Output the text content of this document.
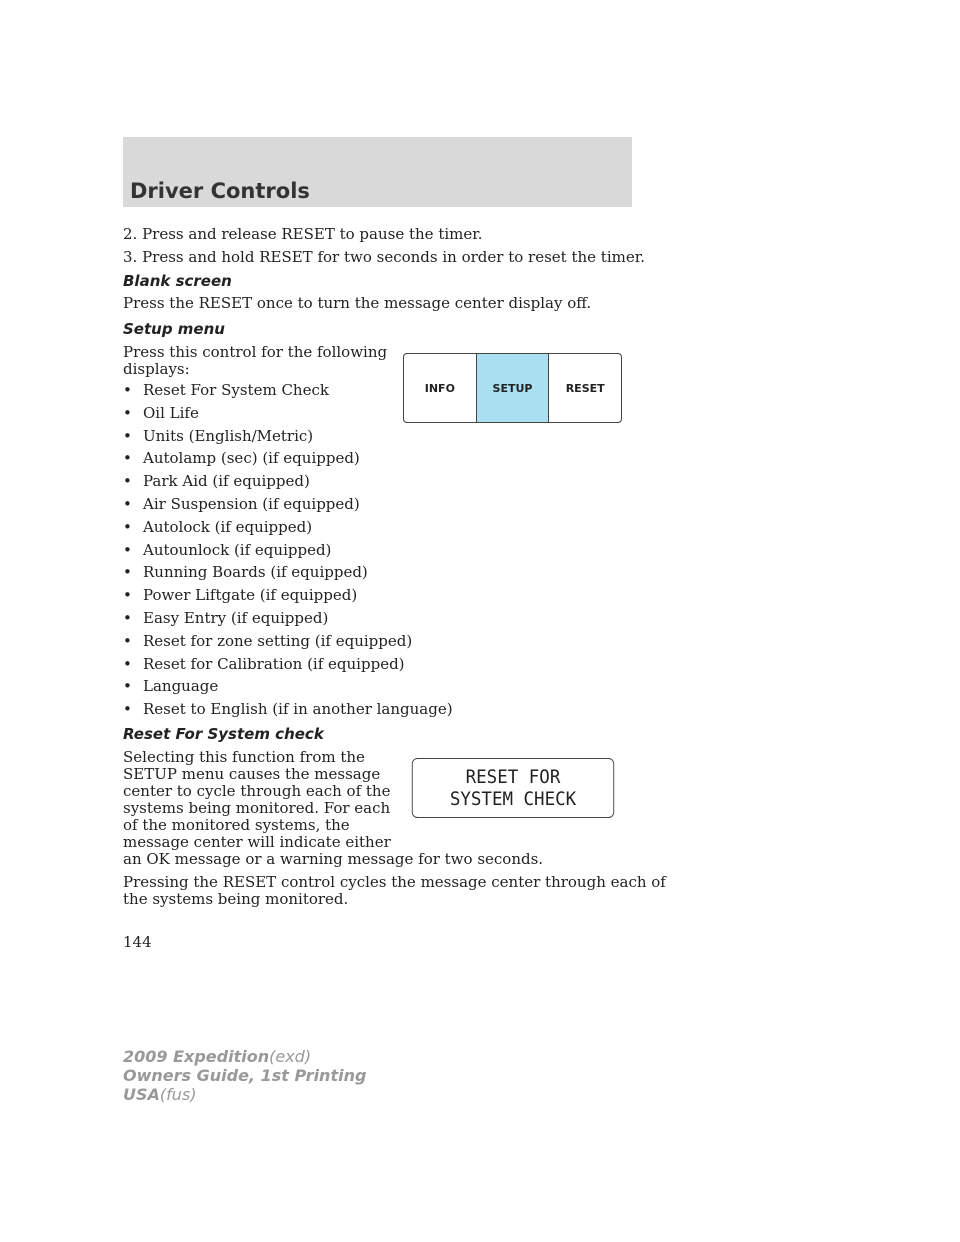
Driver Controls
2. Press and release RESET to pause the timer.
3. Press and hold RESET for two seconds in order to reset the timer.
Blank screen
Press the RESET once to turn the message center display off.
Setup menu
Press this control for the following
displays:
• Reset For System Check
• Oil Life
• Units (English/Metric)
• Autolamp (sec) (if equipped)
• Park Aid (if equipped)
• Air Suspension (if equipped)
• Autolock (if equipped)
• Autounlock (if equipped)
• Running Boards (if equipped)
• Power Liftgate (if equipped)
• Easy Entry (if equipped)
• Reset for zone setting (if equipped)
• Reset for Calibration (if equipped)
• Language
• Reset to English (if in another language)
INFO	SETUP	RESET
Reset For System check
Selecting this function from the
SETUP menu causes the message
center to cycle through each of the
systems being monitored. For each
of the monitored systems, the
message center will indicate either
an OK message or a warning message for two seconds.
RESET FOR
SYSTEM CHECK
Pressing the RESET control cycles the message center through each of
the systems being monitored.
144
2009 Expedition(exd)
Owners Guide, 1st Printing
USA(fus)
